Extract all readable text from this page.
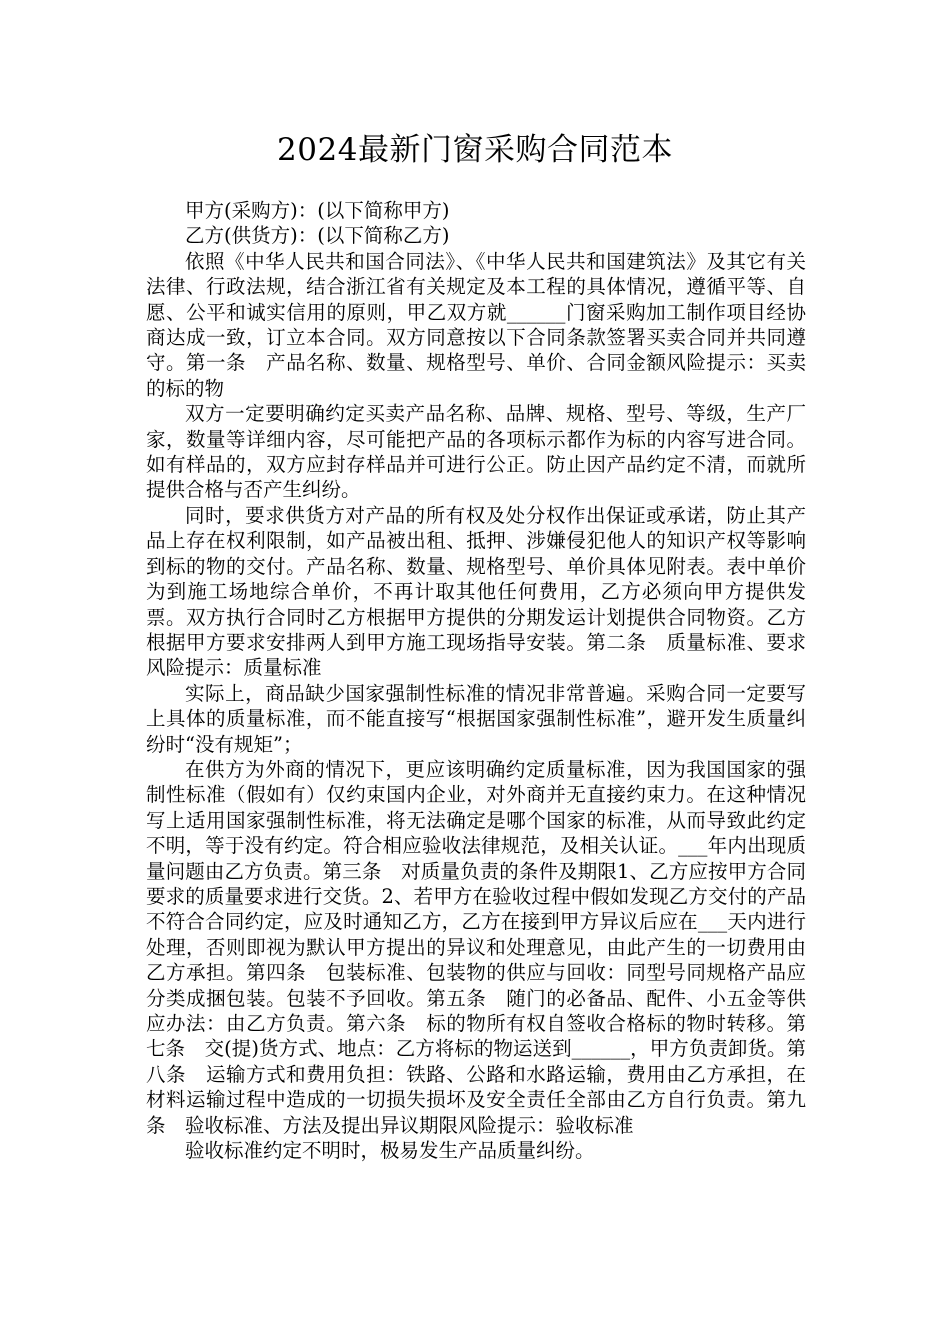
2024最新门窗采购合同范本

甲方(采购方)：(以下简称甲方)

乙方(供货方)：(以下简称乙方)

依照《中华人民共和国合同法》、《中华人民共和国建筑法》及其它有关法律、行政法规，结合浙江省有关规定及本工程的具体情况，遵循平等、自愿、公平和诚实信用的原则，甲乙双方就______门窗采购加工制作项目经协商达成一致，订立本合同。双方同意按以下合同条款签署买卖合同并共同遵守。第一条　产品名称、数量、规格型号、单价、合同金额风险提示：买卖的标的物

双方一定要明确约定买卖产品名称、品牌、规格、型号、等级，生产厂家，数量等详细内容，尽可能把产品的各项标示都作为标的内容写进合同。如有样品的，双方应封存样品并可进行公正。防止因产品约定不清，而就所提供合格与否产生纠纷。

同时，要求供货方对产品的所有权及处分权作出保证或承诺，防止其产品上存在权利限制，如产品被出租、抵押、涉嫌侵犯他人的知识产权等影响到标的物的交付。产品名称、数量、规格型号、单价具体见附表。表中单价为到施工场地综合单价，不再计取其他任何费用，乙方必须向甲方提供发票。双方执行合同时乙方根据甲方提供的分期发运计划提供合同物资。乙方根据甲方要求安排两人到甲方施工现场指导安装。第二条　质量标准、要求风险提示：质量标准

实际上，商品缺少国家强制性标准的情况非常普遍。采购合同一定要写上具体的质量标准，而不能直接写“根据国家强制性标准”，避开发生质量纠纷时“没有规矩”；

在供方为外商的情况下，更应该明确约定质量标准，因为我国国家的强制性标准（假如有）仅约束国内企业，对外商并无直接约束力。在这种情况写上适用国家强制性标准，将无法确定是哪个国家的标准，从而导致此约定不明，等于没有约定。符合相应验收法律规范，及相关认证。___年内出现质量问题由乙方负责。第三条　对质量负责的条件及期限1、乙方应按甲方合同要求的质量要求进行交货。2、若甲方在验收过程中假如发现乙方交付的产品不符合合同约定，应及时通知乙方，乙方在接到甲方异议后应在___天内进行处理，否则即视为默认甲方提出的异议和处理意见，由此产生的一切费用由乙方承担。第四条　包装标准、包装物的供应与回收：同型号同规格产品应分类成捆包装。包装不予回收。第五条　随门的必备品、配件、小五金等供应办法：由乙方负责。第六条　标的物所有权自签收合格标的物时转移。第七条　交(提)货方式、地点：乙方将标的物运送到______，甲方负责卸货。第八条　运输方式和费用负担：铁路、公路和水路运输，费用由乙方承担，在材料运输过程中造成的一切损失损坏及安全责任全部由乙方自行负责。第九条　验收标准、方法及提出异议期限风险提示：验收标准

验收标准约定不明时，极易发生产品质量纠纷。
